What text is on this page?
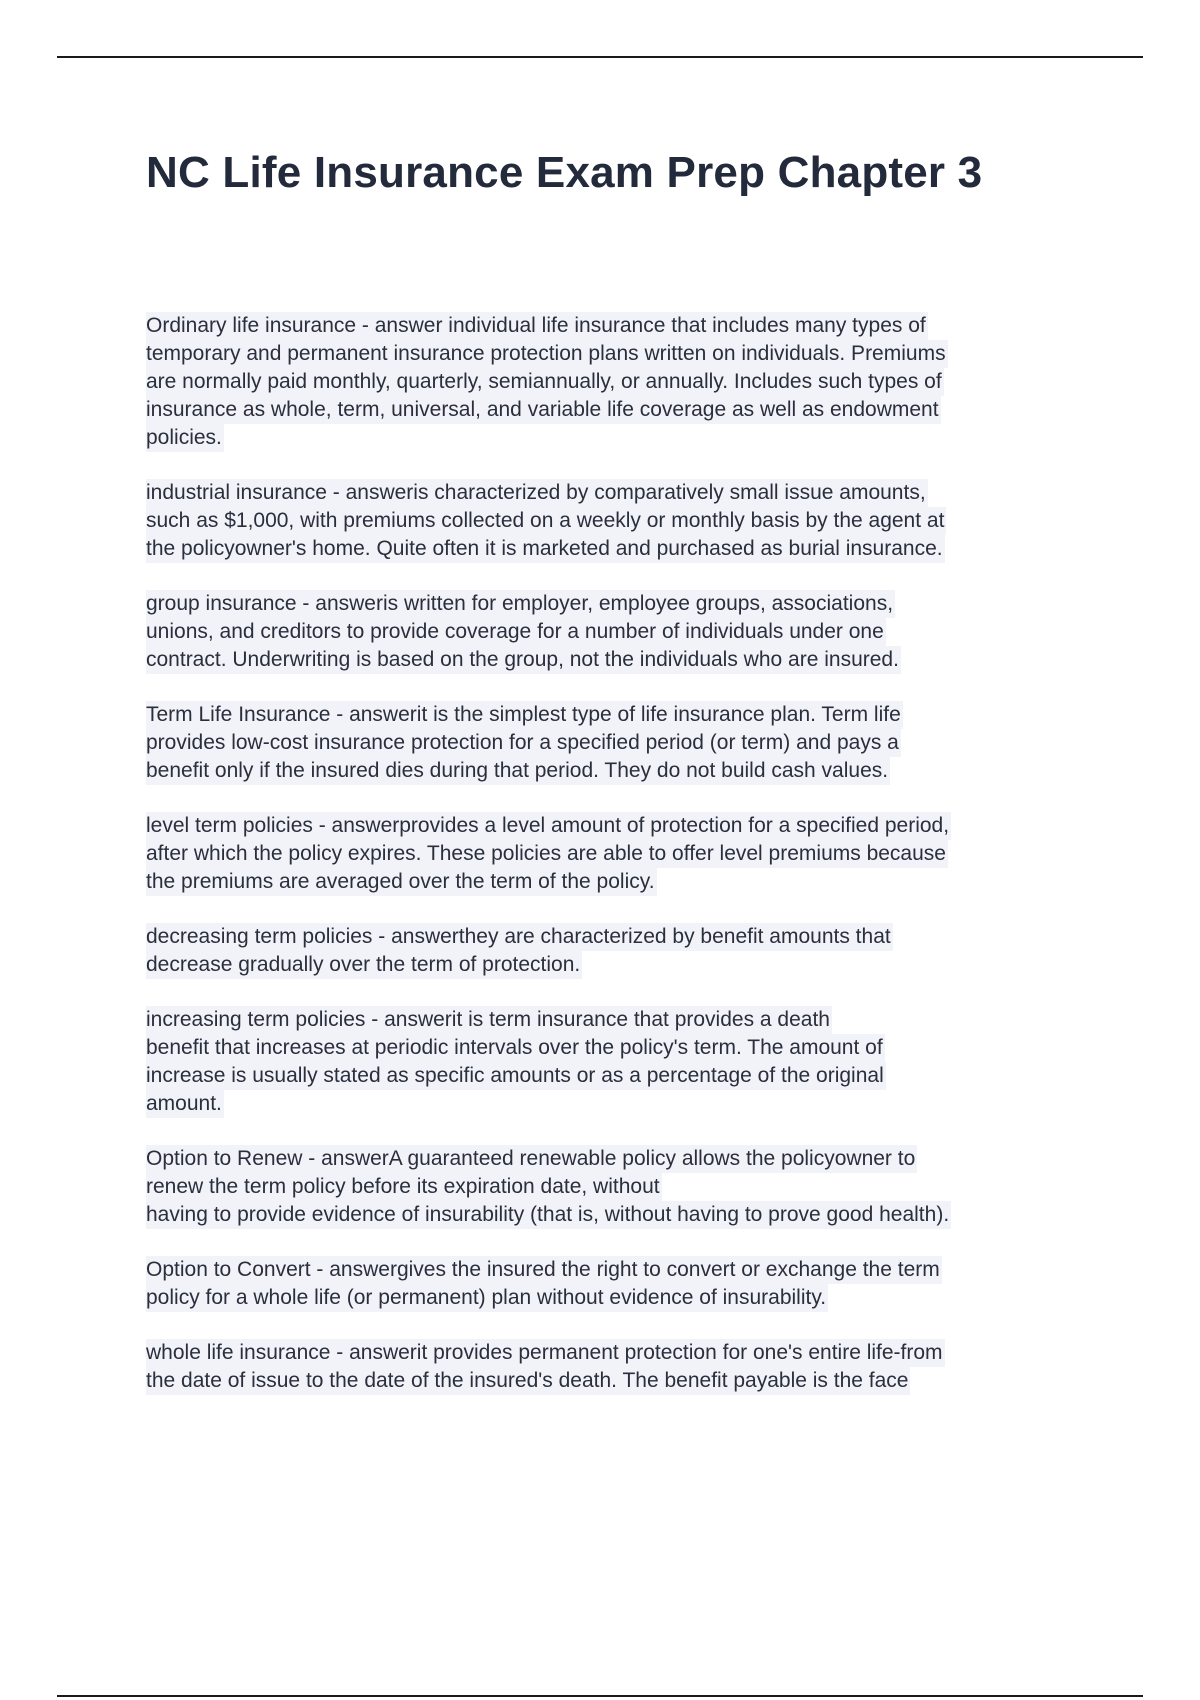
NC Life Insurance Exam Prep Chapter 3

Ordinary life insurance - answer individual life insurance that includes many types of
temporary and permanent insurance protection plans written on individuals. Premiums
are normally paid monthly, quarterly, semiannually, or annually. Includes such types of
insurance as whole, term, universal, and variable life coverage as well as endowment
policies.

industrial insurance - answeris characterized by comparatively small issue amounts,
such as $1,000, with premiums collected on a weekly or monthly basis by the agent at
the policyowner's home. Quite often it is marketed and purchased as burial insurance.

group insurance - answeris written for employer, employee groups, associations,
unions, and creditors to provide coverage for a number of individuals under one
contract. Underwriting is based on the group, not the individuals who are insured.

Term Life Insurance - answerit is the simplest type of life insurance plan. Term life
provides low-cost insurance protection for a specified period (or term) and pays a
benefit only if the insured dies during that period. They do not build cash values.

level term policies - answerprovides a level amount of protection for a specified period,
after which the policy expires. These policies are able to offer level premiums because
the premiums are averaged over the term of the policy.

decreasing term policies - answerthey are characterized by benefit amounts that
decrease gradually over the term of protection.

increasing term policies - answerit is term insurance that provides a death
benefit that increases at periodic intervals over the policy's term. The amount of
increase is usually stated as specific amounts or as a percentage of the original
amount.

Option to Renew - answerA guaranteed renewable policy allows the policyowner to
renew the term policy before its expiration date, without
having to provide evidence of insurability (that is, without having to prove good health).

Option to Convert - answergives the insured the right to convert or exchange the term
policy for a whole life (or permanent) plan without evidence of insurability.

whole life insurance - answerit provides permanent protection for one's entire life-from
the date of issue to the date of the insured's death. The benefit payable is the face
